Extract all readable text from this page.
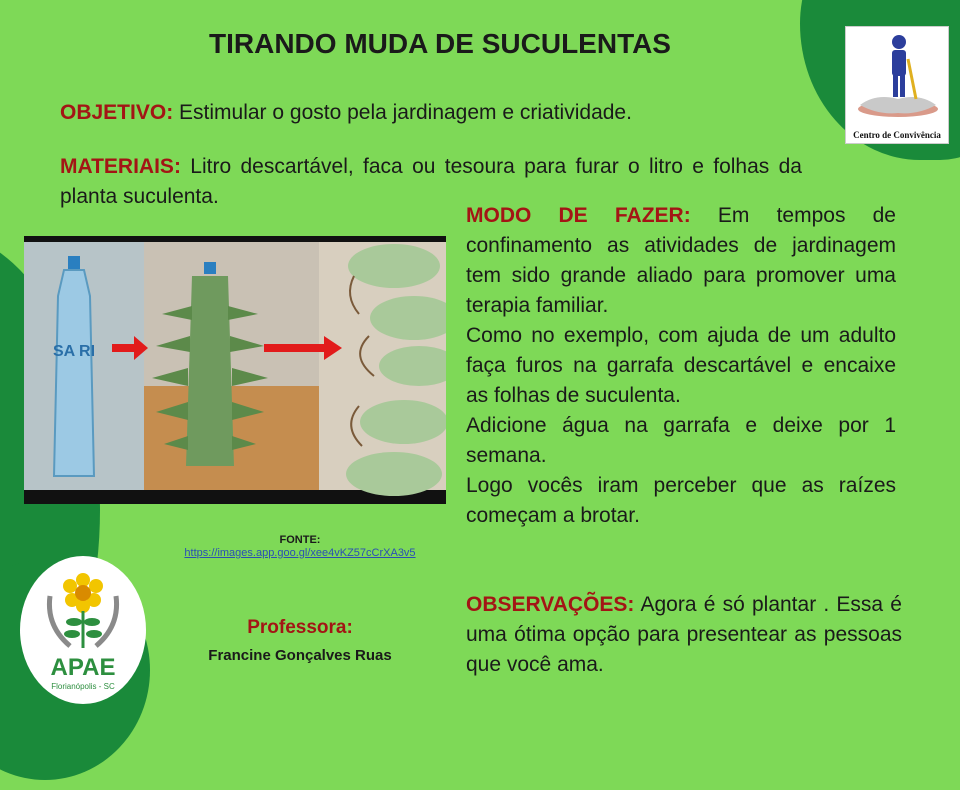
TIRANDO MUDA DE SUCULENTAS
OBJETIVO: Estimular o gosto pela jardinagem e criatividade.
MATERIAIS: Litro descartável, faca ou tesoura para furar o litro e folhas da planta suculenta.
MODO DE FAZER: Em tempos de confinamento as atividades de jardinagem tem sido grande aliado para promover uma terapia familiar.
Como no exemplo, com ajuda de um adulto faça furos na garrafa descartável e encaixe as folhas de suculenta.
Adicione água na garrafa e deixe por 1 semana.
Logo vocês iram perceber que as raízes começam a brotar.
OBSERVAÇÕES: Agora é só plantar . Essa é uma ótima opção para presentear as pessoas que você ama.
Centro de Convivência
SA RI
FONTE:
https://images.app.goo.gl/xee4vKZ57cCrXA3v5
APAE
Florianópolis - SC
Professora:
Francine Gonçalves Ruas
